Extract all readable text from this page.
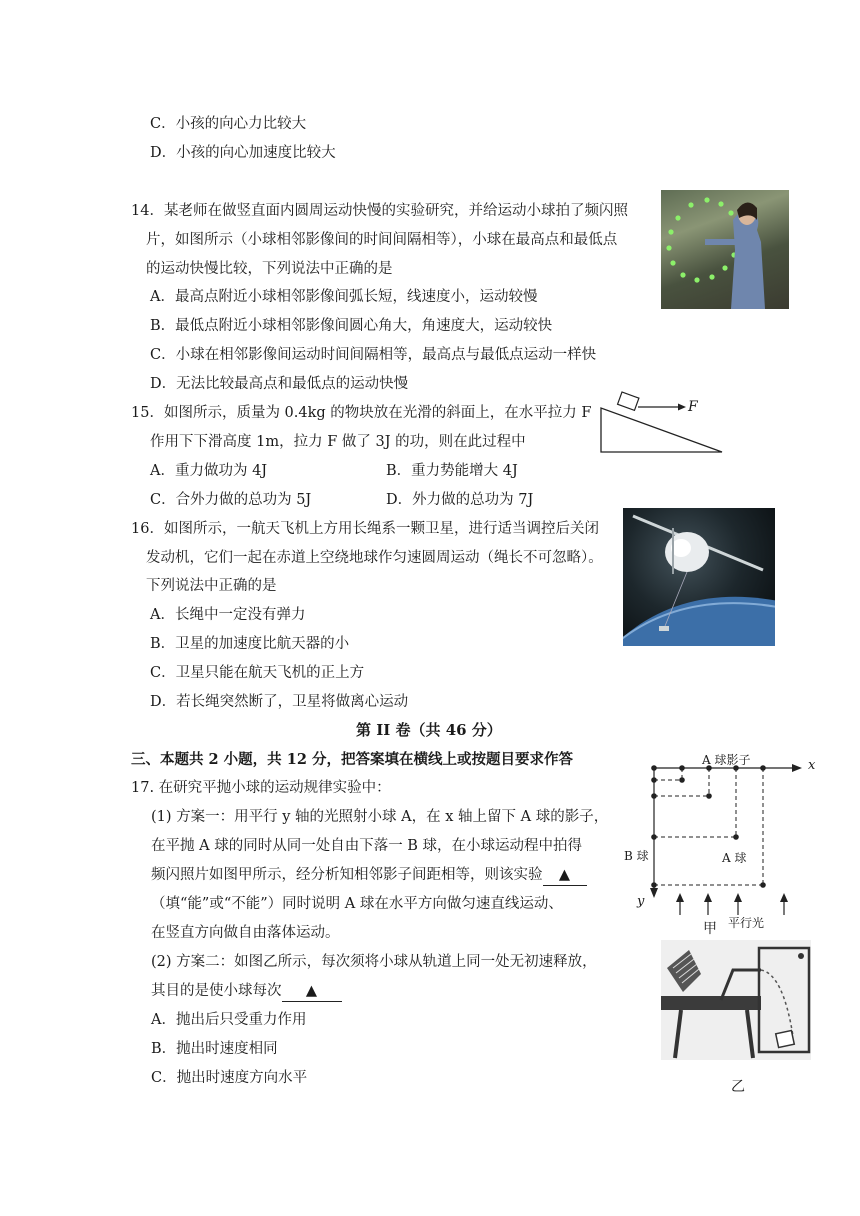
C．小孩的向心力比较大
D．小孩的向心加速度比较大
14．某老师在做竖直面内圆周运动快慢的实验研究，并给运动小球拍了频闪照
片，如图所示（小球相邻影像间的时间间隔相等），小球在最高点和最低点
的运动快慢比较，下列说法中正确的是
A．最高点附近小球相邻影像间弧长短，线速度小，运动较慢
B．最低点附近小球相邻影像间圆心角大，角速度大，运动较快
C．小球在相邻影像间运动时间间隔相等，最高点与最低点运动一样快
D．无法比较最高点和最低点的运动快慢
15．如图所示，质量为 0.4kg 的物块放在光滑的斜面上，在水平拉力 F
作用下下滑高度 1m，拉力 F 做了 3J 的功，则在此过程中
A．重力做功为 4J	B．重力势能增大 4J
C．合外力做的总功为 5J	D．外力做的总功为 7J
F
16．如图所示，一航天飞机上方用长绳系一颗卫星，进行适当调控后关闭
发动机，它们一起在赤道上空绕地球作匀速圆周运动（绳长不可忽略）。
下列说法中正确的是
A．长绳中一定没有弹力
B．卫星的加速度比航天器的小
C．卫星只能在航天飞机的正上方
D．若长绳突然断了，卫星将做离心运动
第 II 卷（共 46 分）
三、本题共 2 小题，共 12 分，把答案填在横线上或按题目要求作答
17. 在研究平抛小球的运动规律实验中：
(1) 方案一：用平行 y 轴的光照射小球 A，在 x 轴上留下 A 球的影子，
在平抛 A 球的同时从同一处自由下落一 B 球，在小球运动程中拍得
频闪照片如图甲所示，经分析知相邻影子间距相等，则该实验 ▲
（填“能”或“不能”）同时说明 A 球在水平方向做匀速直线运动、
在竖直方向做自由落体运动。
(2) 方案二：如图乙所示，每次须将小球从轨道上同一处无初速释放，
其目的是使小球每次 ▲
A．抛出后只受重力作用
B．抛出时速度相同
C．抛出时速度方向水平
A 球影子	x
y
B 球	A 球
平行光
甲
乙
